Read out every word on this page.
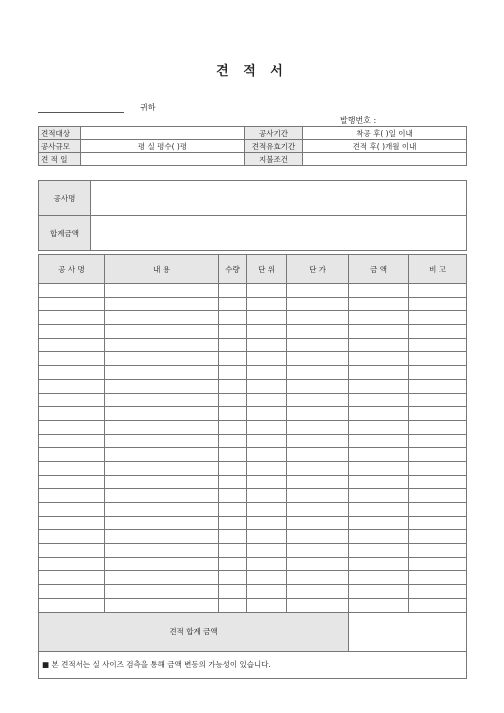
견 적 서
귀하
발행번호 :
견적대상		공사기간	착공 후( )일 이내
공사규모	평 실 평수( )평	견적유효기간	견적 후( )개월 이내
견 적 일		지불조건	
공사명	
합계금액	
공 사 명	내 용	수량	단 위	단 가	금 액	비 고

견적 합계 금액						
■ 본 견적서는 실 사이즈 검측을 통해 금액 변동의 가능성이 있습니다.						
